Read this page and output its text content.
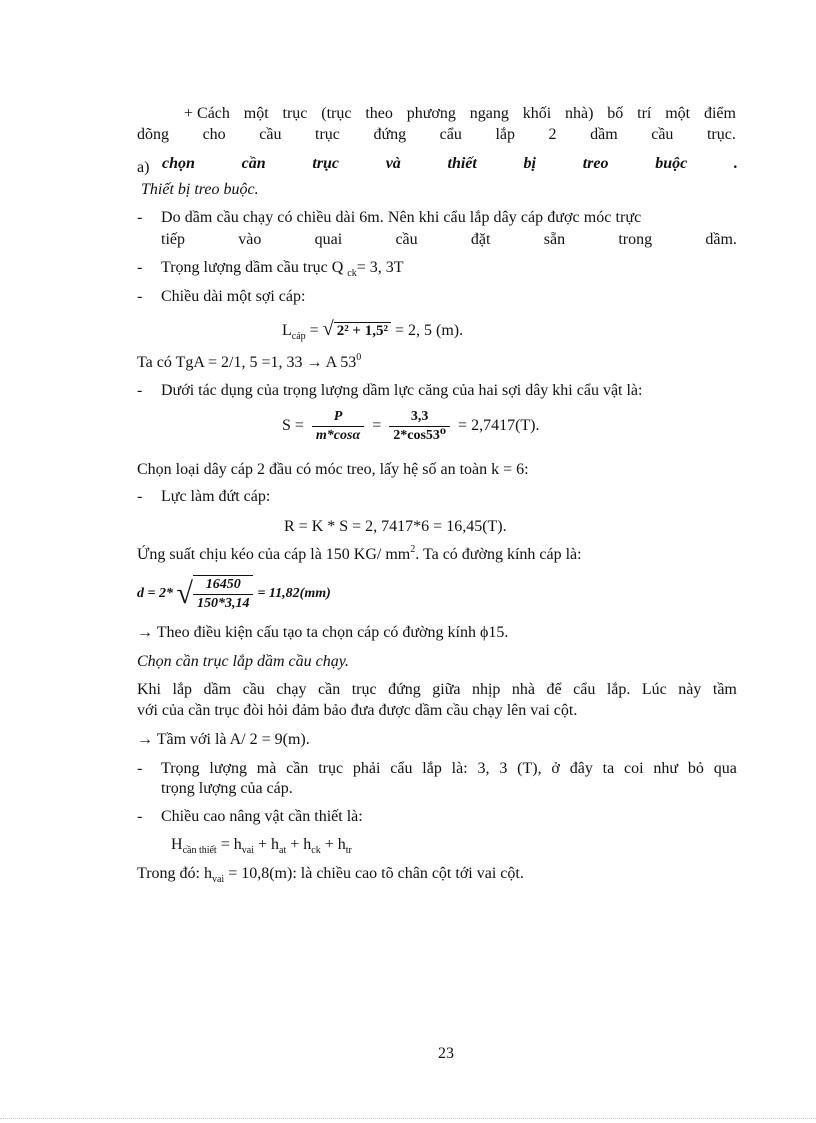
+ Cách một trục (trục theo phương ngang khối nhà) bố trí một điểm
dõng cho cầu trục đứng cẩu lắp 2 dầm cầu trục.
a) chọn	cần	trục	và	thiết	bị	treo	buộc	.
Thiết bị treo buộc.
- Do dầm cầu chạy có chiều dài 6m. Nên khi cẩu lắp dây cáp được móc trực
tiếp	vào	quai	cầu	đặt	sẵn	trong	dầm.
- Trọng lượng dầm cầu trục Q $_{ck}$= 3, 3T
- Chiều dài một sợi cáp:
$L_{cáp}$ = √ 2² + 1,5² = 2, 5 (m).
Ta có TgA = 2/1, 5 =1, 33 → A $53^0$
- Dưới tác dụng của trọng lượng dầm lực căng của hai sợi dây khi cẩu vật là:
$S = \frac{P}{m*\cos\alpha} = \frac{3,3}{\text{2*cos53⁰}} = 2,7417(T)$.
Chọn loại dây cáp 2 đầu có móc treo, lấy hệ số an toàn k = 6:
- Lực làm đứt cáp:
R = K * S = 2, 7417*6 = 16,45(T).
Ứng suất chịu kéo của cáp là 150 KG/ $mm^2$. Ta có đường kính cáp là:
d = 2* √ $\frac{16450}{150*3,14} = 11,82(mm)$
→ Theo điều kiện cấu tạo ta chọn cáp có đường kính ϕ15.
Chọn cần trục lắp dầm cầu chạy.
Khi lắp dầm cầu chạy cần trục đứng giữa nhịp nhà để cẩu lắp. Lúc này tầm
với của cần trục đòi hỏi đảm bảo đưa được dầm cầu chạy lên vai cột.
→ Tầm với là A/ 2 = 9(m).
- Trọng lượng mà cần trục phải cẩu lắp là: 3, 3 (T), ở đây ta coi như bỏ qua
trọng lượng của cáp.
- Chiều cao nâng vật cần thiết là:
$H_{cần thiết} = h_{vai} + h_{at} + h_{ck} + h_{tr}$
Trong đó: $h_{vai} = 10,8(m)$: là chiều cao tõ chân cột tới vai cột.
23
